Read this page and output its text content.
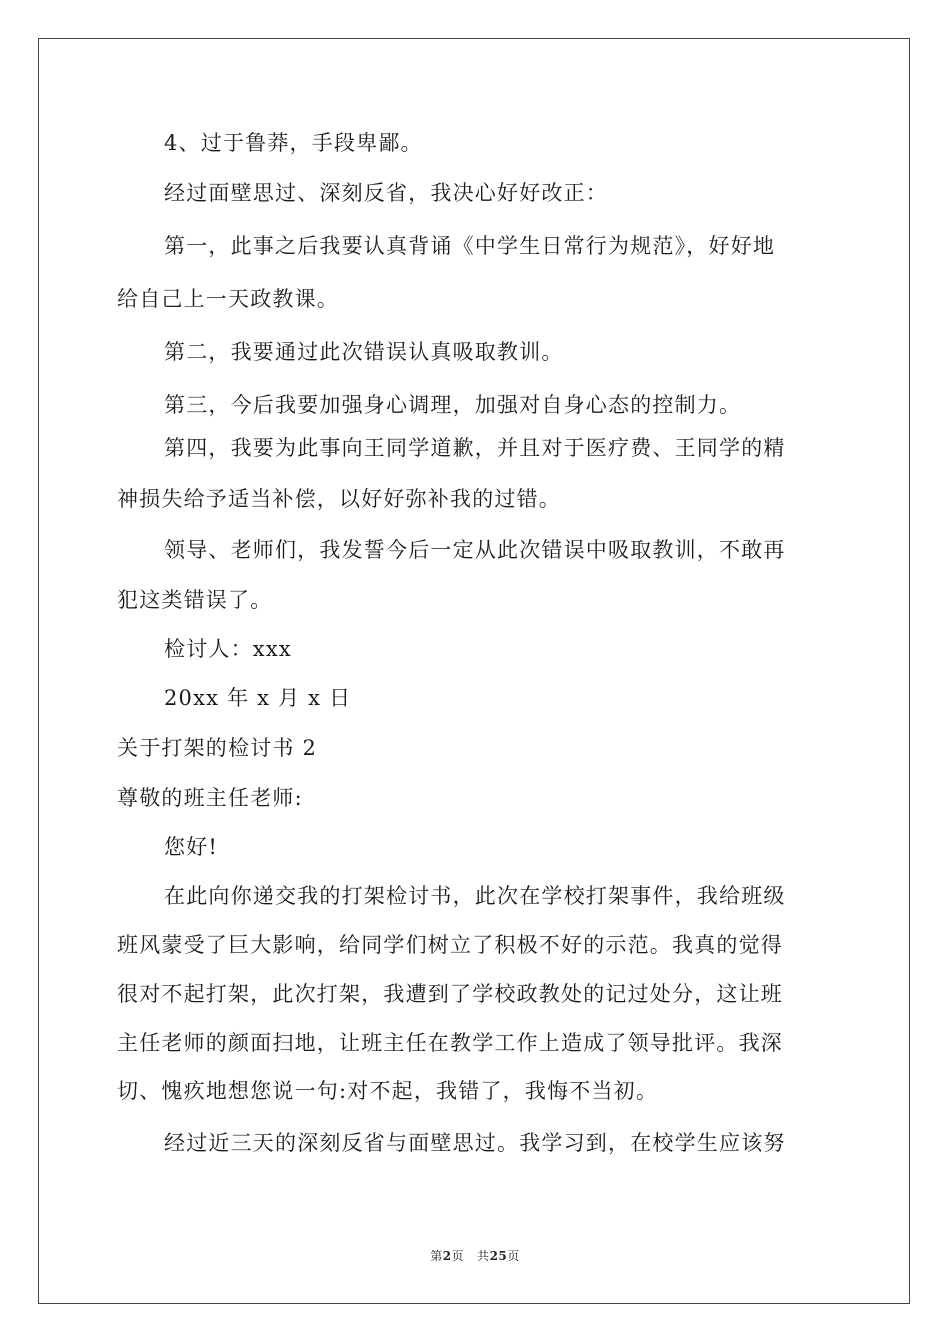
4、过于鲁莽，手段卑鄙。
经过面壁思过、深刻反省，我决心好好改正：
第一，此事之后我要认真背诵《中学生日常行为规范》，好好地
给自己上一天政教课。
第二，我要通过此次错误认真吸取教训。
第三，今后我要加强身心调理，加强对自身心态的控制力。
第四，我要为此事向王同学道歉，并且对于医疗费、王同学的精
神损失给予适当补偿，以好好弥补我的过错。
领导、老师们，我发誓今后一定从此次错误中吸取教训，不敢再
犯这类错误了。
检讨人：xxx
20xx 年 x 月 x 日
关于打架的检讨书 2
尊敬的班主任老师:
您好!
在此向你递交我的打架检讨书，此次在学校打架事件，我给班级
班风蒙受了巨大影响，给同学们树立了积极不好的示范。我真的觉得
很对不起打架，此次打架，我遭到了学校政教处的记过处分，这让班
主任老师的颜面扫地，让班主任在教学工作上造成了领导批评。我深
切、愧疚地想您说一句:对不起，我错了，我悔不当初。
经过近三天的深刻反省与面壁思过。我学习到，在校学生应该努
第2页 共25页
